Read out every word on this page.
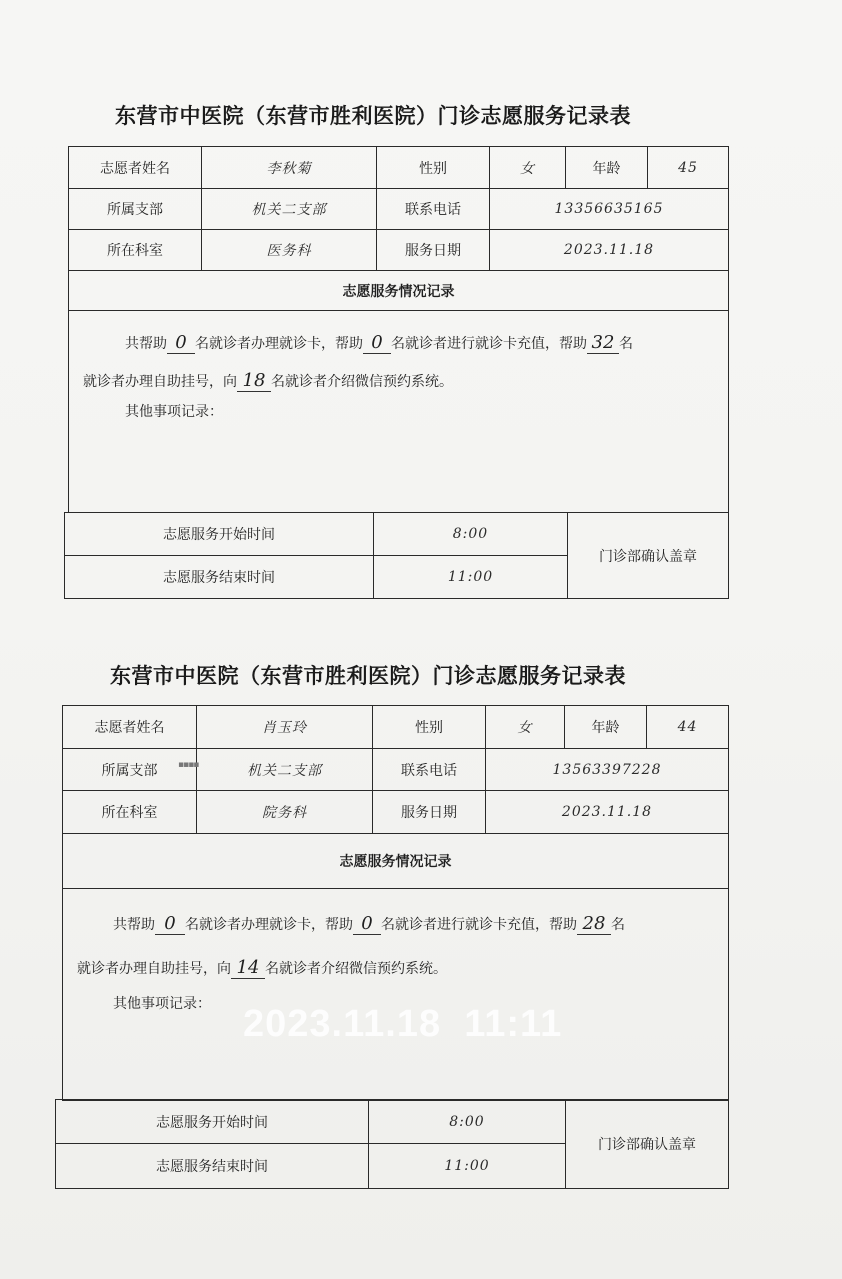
东营市中医院（东营市胜利医院）门诊志愿服务记录表
志愿者姓名	李秋菊	性别	女	年龄	45
所属支部	机关二支部	联系电话	13356635165		
所在科室	医务科	服务日期	2023.11.18		
志愿服务情况记录					

共帮助 0 名就诊者办理就诊卡，帮助 0 名就诊者进行就诊卡充值，帮助 32 名
就诊者办理自助挂号，向 18 名就诊者介绍微信预约系统。
其他事项记录：					
志愿服务开始时间	8:00	门诊部确认盖章
志愿服务结束时间	11:00	
东营市中医院（东营市胜利医院）门诊志愿服务记录表
志愿者姓名	肖玉玲	性别	女	年龄	44
所属支部	机关二支部	联系电话	13563397228		
所在科室	院务科	服务日期	2023.11.18		
志愿服务情况记录					

共帮助 0 名就诊者办理就诊卡，帮助 0 名就诊者进行就诊卡充值，帮助 28 名
就诊者办理自助挂号，向 14 名就诊者介绍微信预约系统。
其他事项记录：					
志愿服务开始时间	8:00	门诊部确认盖章
志愿服务结束时间	11:00	
▪▪▪▪
2023.11.18  11:11
